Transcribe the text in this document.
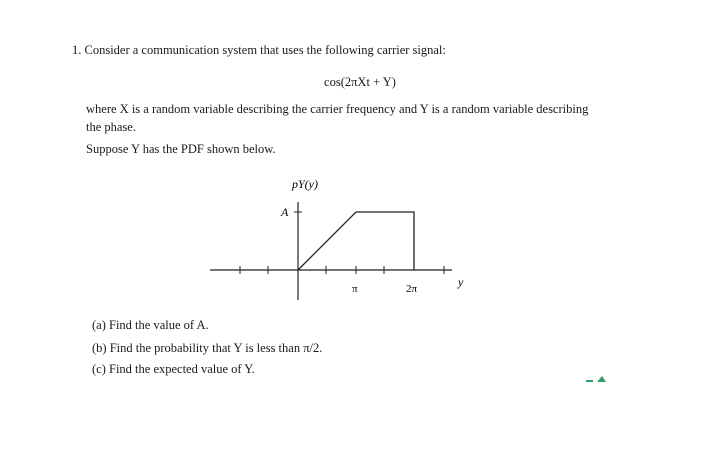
1. Consider a communication system that uses the following carrier signal:
cos(2πXt + Y)
where X is a random variable describing the carrier frequency and Y is a random variable describing
the phase.
Suppose Y has the PDF shown below.
pY(y)
A
π	2π	y
(a) Find the value of A.
(b) Find the probability that Y is less than π/2.
(c) Find the expected value of Y.
